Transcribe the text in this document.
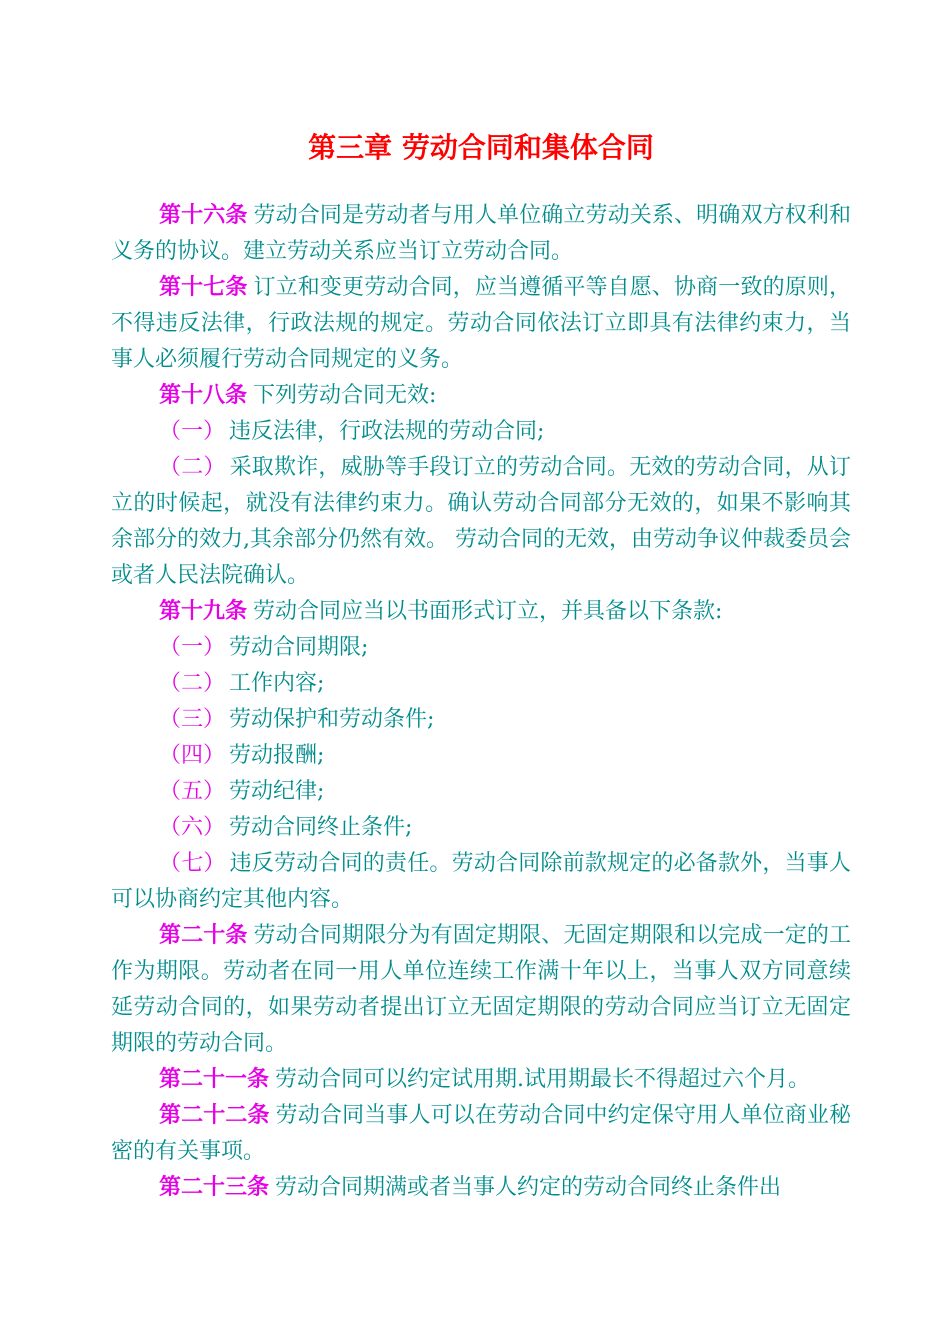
第三章 劳动合同和集体合同

第十六条 劳动合同是劳动者与用人单位确立劳动关系、明确双方权利和义务的协议。建立劳动关系应当订立劳动合同。

第十七条 订立和变更劳动合同，应当遵循平等自愿、协商一致的原则，不得违反法律，行政法规的规定。劳动合同依法订立即具有法律约束力，当事人必须履行劳动合同规定的义务。

第十八条 下列劳动合同无效:

（一） 违反法律，行政法规的劳动合同;

（二） 采取欺诈，威胁等手段订立的劳动合同。无效的劳动合同，从订立的时候起，就没有法律约束力。确认劳动合同部分无效的，如果不影响其余部分的效力,其余部分仍然有效。 劳动合同的无效，由劳动争议仲裁委员会或者人民法院确认。

第十九条 劳动合同应当以书面形式订立，并具备以下条款:

（一） 劳动合同期限;

（二） 工作内容;

（三） 劳动保护和劳动条件;

（四） 劳动报酬;

（五） 劳动纪律;

（六） 劳动合同终止条件;

（七） 违反劳动合同的责任。劳动合同除前款规定的必备款外，当事人可以协商约定其他内容。

第二十条 劳动合同期限分为有固定期限、无固定期限和以完成一定的工作为期限。劳动者在同一用人单位连续工作满十年以上，当事人双方同意续延劳动合同的，如果劳动者提出订立无固定期限的劳动合同应当订立无固定期限的劳动合同。

第二十一条 劳动合同可以约定试用期.试用期最长不得超过六个月。

第二十二条 劳动合同当事人可以在劳动合同中约定保守用人单位商业秘密的有关事项。

第二十三条 劳动合同期满或者当事人约定的劳动合同终止条件出
